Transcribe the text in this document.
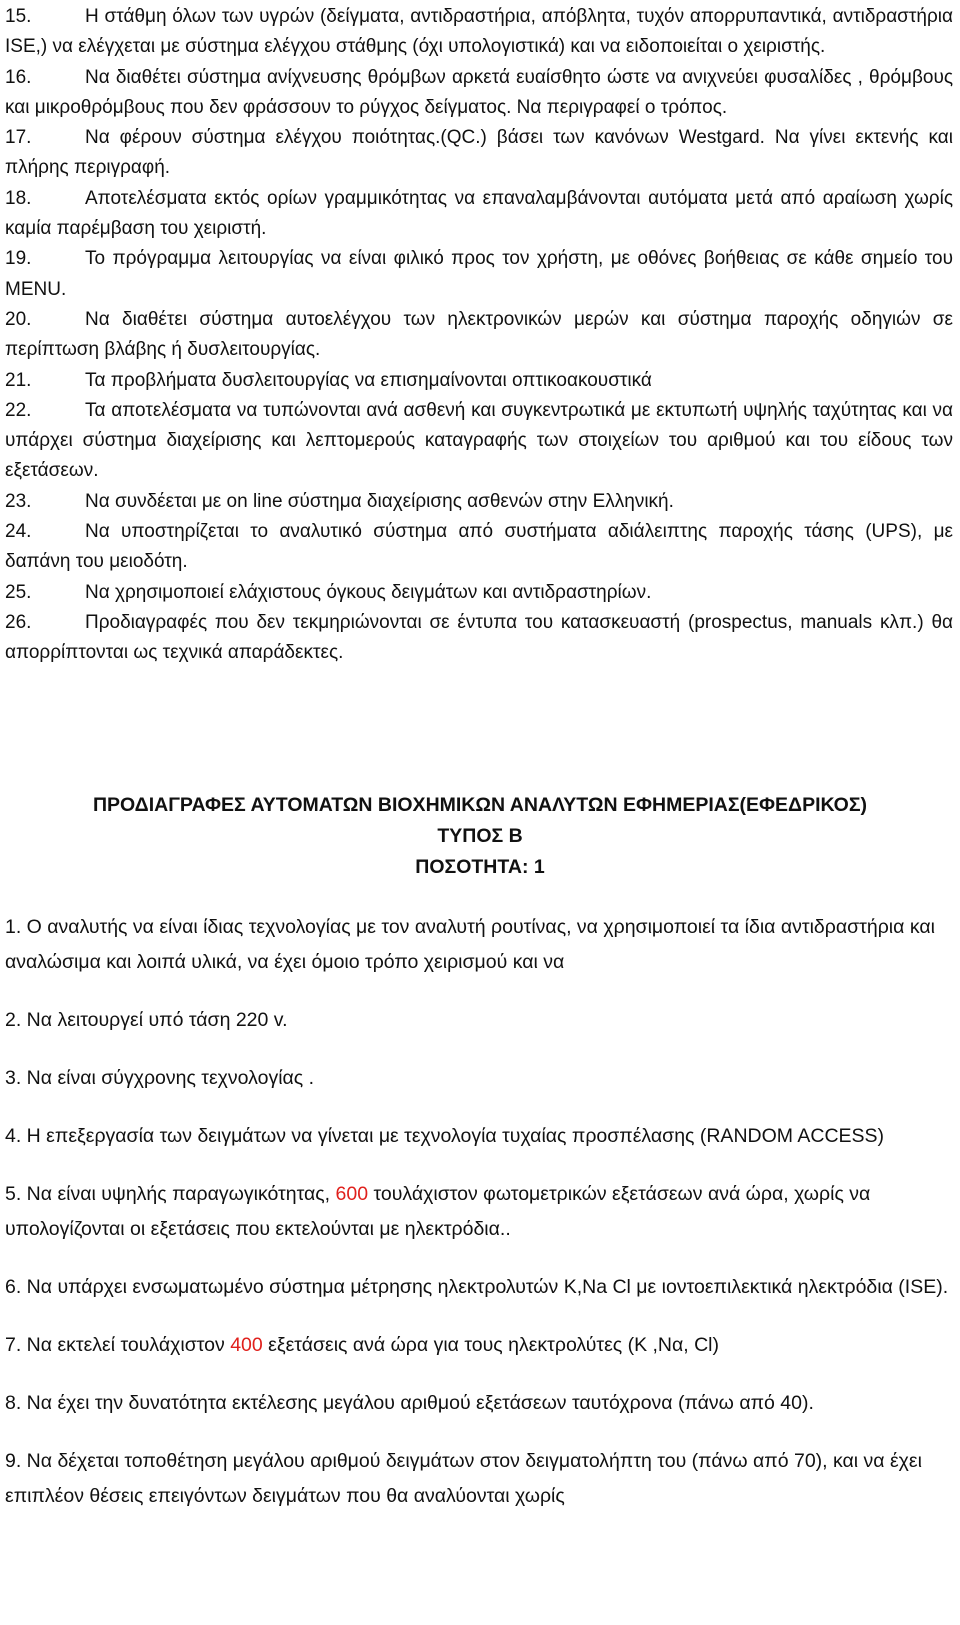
15.	Η στάθμη όλων των υγρών (δείγματα, αντιδραστήρια, απόβλητα, τυχόν απορρυπαντικά, αντιδραστήρια ISE,) να ελέγχεται με σύστημα ελέγχου στάθμης (όχι υπολογιστικά) και να ειδοποιείται ο χειριστής.

16.	Να διαθέτει σύστημα ανίχνευσης θρόμβων αρκετά ευαίσθητο ώστε να ανιχνεύει φυσαλίδες , θρόμβους και μικροθρόμβους που δεν φράσσουν το ρύγχος δείγματος. Να περιγραφεί ο τρόπος.

17.	Να φέρουν σύστημα ελέγχου ποιότητας.(QC.) βάσει των κανόνων Westgard. Να γίνει εκτενής και πλήρης περιγραφή.

18.	Αποτελέσματα εκτός ορίων γραμμικότητας να επαναλαμβάνονται αυτόματα μετά από αραίωση χωρίς καμία παρέμβαση του χειριστή.

19.	Το πρόγραμμα λειτουργίας να είναι φιλικό προς τον χρήστη, με οθόνες βοήθειας σε κάθε σημείο του MENU.

20.	Να διαθέτει σύστημα αυτοελέγχου των ηλεκτρονικών μερών και σύστημα παροχής οδηγιών σε περίπτωση βλάβης ή δυσλειτουργίας.

21.	Τα προβλήματα δυσλειτουργίας να επισημαίνονται οπτικοακουστικά

22.	Τα αποτελέσματα να τυπώνονται ανά ασθενή και συγκεντρωτικά με εκτυπωτή υψηλής ταχύτητας και να υπάρχει σύστημα διαχείρισης και λεπτομερούς καταγραφής των στοιχείων του αριθμού και του είδους των εξετάσεων.

23.	Να συνδέεται με on line σύστημα διαχείρισης ασθενών στην Ελληνική.

24.	Να υποστηρίζεται το αναλυτικό σύστημα από συστήματα αδιάλειπτης παροχής τάσης (UPS), με δαπάνη του μειοδότη.

25.	Να χρησιμοποιεί ελάχιστους όγκους δειγμάτων και αντιδραστηρίων.

26.	Προδιαγραφές που δεν τεκμηριώνονται σε έντυπα του κατασκευαστή (prospectus, manuals κλπ.) θα απορρίπτονται ως τεχνικά απαράδεκτες.

ΠΡΟΔΙΑΓΡΑΦΕΣ ΑΥΤΟΜΑΤΩΝ ΒΙΟΧΗΜΙΚΩΝ ΑΝΑΛΥΤΩΝ ΕΦΗΜΕΡΙΑΣ(ΕΦΕΔΡΙΚΟΣ)
ΤΥΠΟΣ Β
ΠΟΣΟΤΗΤΑ: 1

1. Ο αναλυτής να είναι ίδιας τεχνολογίας με τον αναλυτή ρουτίνας, να χρησιμοποιεί τα ίδια αντιδραστήρια και αναλώσιμα και λοιπά υλικά, να έχει όμοιο τρόπο χειρισμού και να

2. Να λειτουργεί υπό τάση 220 v.

3. Να είναι σύγχρονης τεχνολογίας .

4. Η επεξεργασία των δειγμάτων να γίνεται με τεχνολογία τυχαίας προσπέλασης (RANDOM ACCESS)

5. Να είναι υψηλής παραγωγικότητας, 600 τουλάχιστον φωτομετρικών εξετάσεων ανά ώρα, χωρίς να υπολογίζονται οι εξετάσεις που εκτελούνται με ηλεκτρόδια..

6. Να υπάρχει ενσωματωμένο σύστημα μέτρησης ηλεκτρολυτών K,Na Cl με ιοντοεπιλεκτικά ηλεκτρόδια (ISE).

7. Να εκτελεί τουλάχιστον 400 εξετάσεις ανά ώρα για τους ηλεκτρολύτες (K ,Να, Cl)

8. Να έχει την δυνατότητα εκτέλεσης μεγάλου αριθμού εξετάσεων ταυτόχρονα (πάνω από 40).

9. Να δέχεται τοποθέτηση μεγάλου αριθμού δειγμάτων στον δειγματολήπτη του (πάνω από 70), και να έχει επιπλέον θέσεις επειγόντων δειγμάτων που θα αναλύονται χωρίς
